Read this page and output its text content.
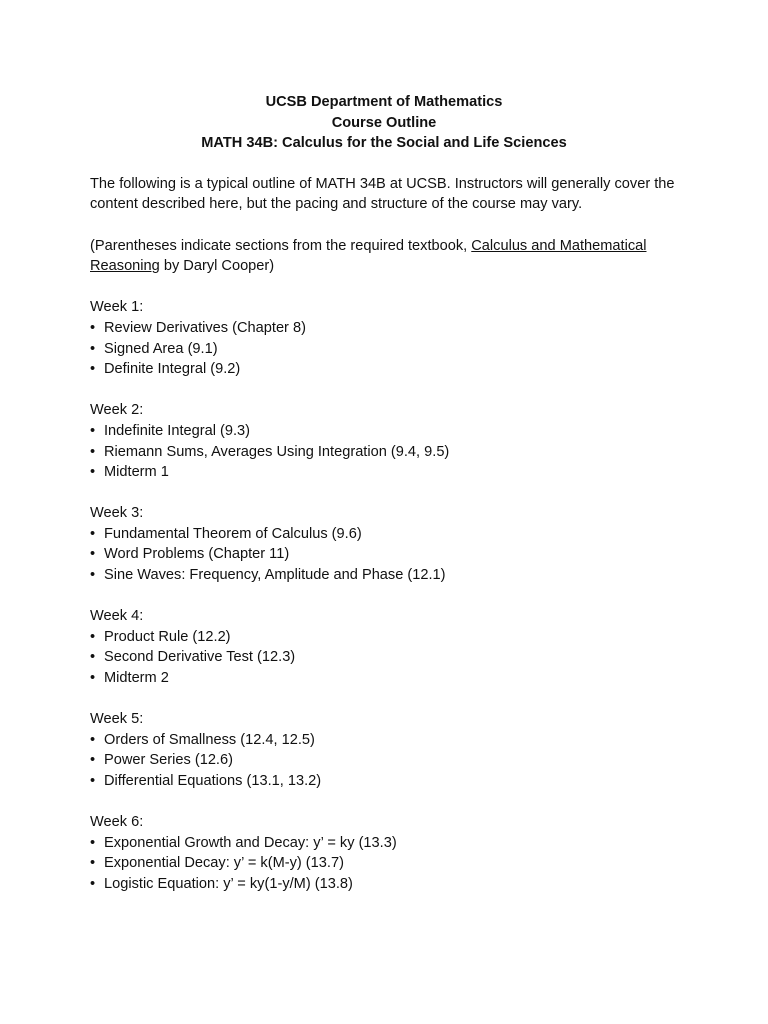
UCSB Department of Mathematics
Course Outline
MATH 34B: Calculus for the Social and Life Sciences

The following is a typical outline of MATH 34B at UCSB. Instructors will generally cover the content described here, but the pacing and structure of the course may vary.

(Parentheses indicate sections from the required textbook, Calculus and Mathematical Reasoning by Daryl Cooper)

Week 1:
• Review Derivatives (Chapter 8)
• Signed Area (9.1)
• Definite Integral (9.2)
Week 2:
• Indefinite Integral (9.3)
• Riemann Sums, Averages Using Integration (9.4, 9.5)
• Midterm 1
Week 3:
• Fundamental Theorem of Calculus (9.6)
• Word Problems (Chapter 11)
• Sine Waves: Frequency, Amplitude and Phase (12.1)
Week 4:
• Product Rule (12.2)
• Second Derivative Test (12.3)
• Midterm 2
Week 5:
• Orders of Smallness (12.4, 12.5)
• Power Series (12.6)
• Differential Equations (13.1, 13.2)
Week 6:
• Exponential Growth and Decay: y’ = ky (13.3)
• Exponential Decay: y’ = k(M-y) (13.7)
• Logistic Equation: y’ = ky(1-y/M) (13.8)
